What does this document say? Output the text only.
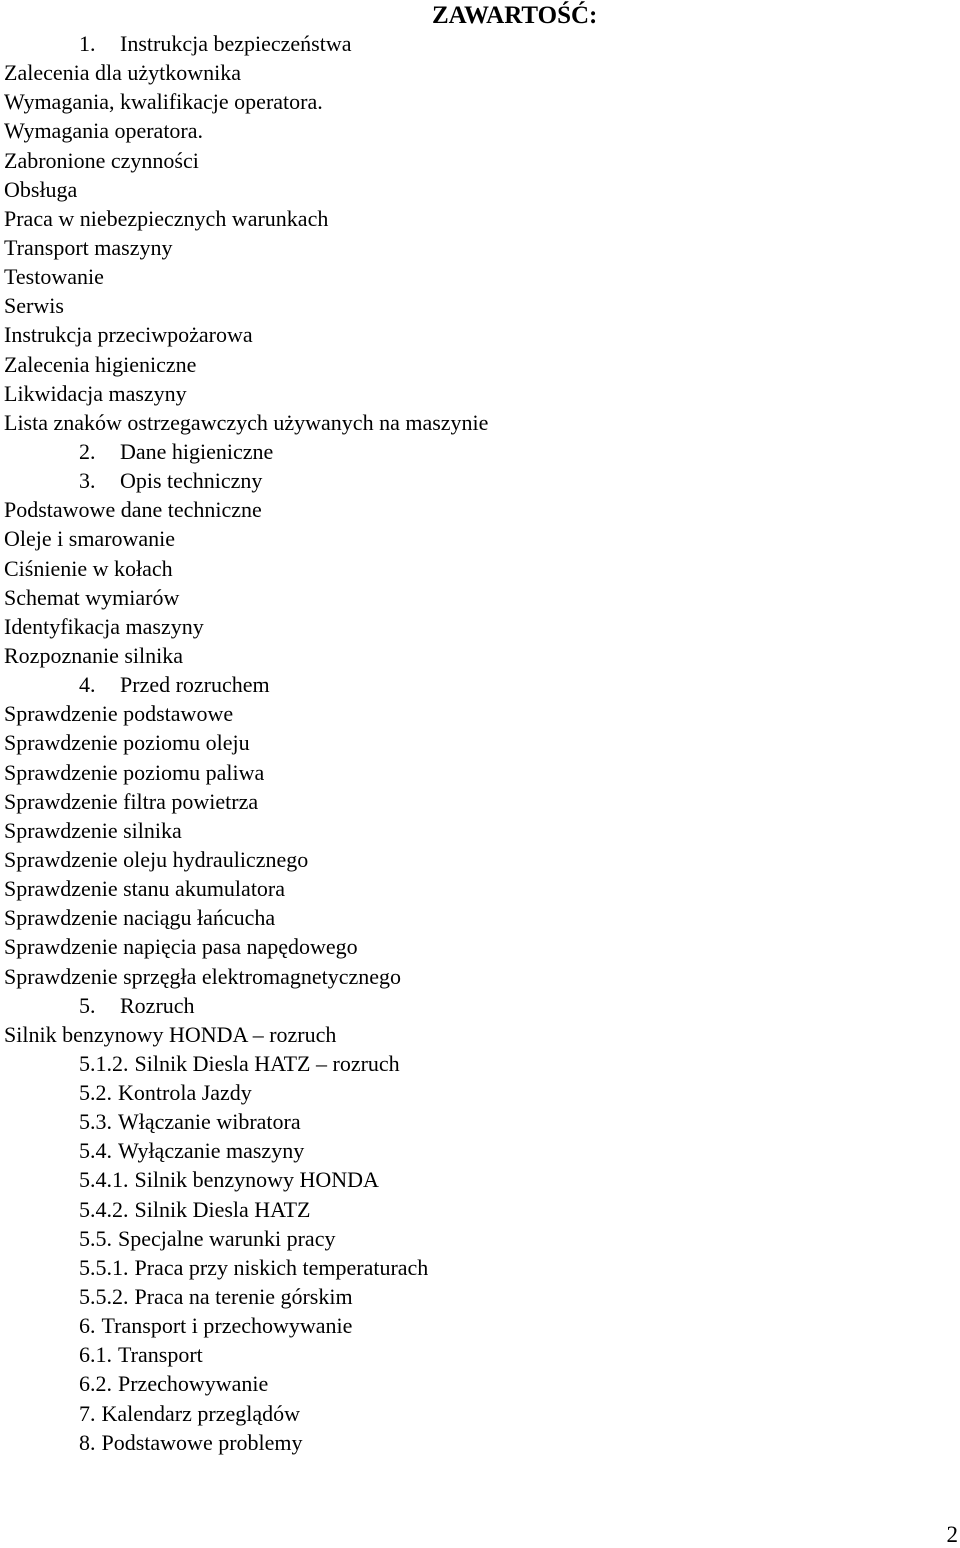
ZAWARTOŚĆ:
1. Instrukcja bezpieczeństwa
Zalecenia dla użytkownika
Wymagania, kwalifikacje operatora.
Wymagania operatora.
Zabronione czynności
Obsługa
Praca w niebezpiecznych warunkach
Transport maszyny
Testowanie
Serwis
Instrukcja przeciwpożarowa
Zalecenia higieniczne
Likwidacja maszyny
Lista znaków ostrzegawczych używanych na maszynie
2. Dane higieniczne
3. Opis techniczny
Podstawowe dane techniczne
Oleje i smarowanie
Ciśnienie w kołach
Schemat wymiarów
Identyfikacja maszyny
Rozpoznanie silnika
4. Przed rozruchem
Sprawdzenie podstawowe
Sprawdzenie poziomu oleju
Sprawdzenie poziomu paliwa
Sprawdzenie filtra powietrza
Sprawdzenie silnika
Sprawdzenie oleju hydraulicznego
Sprawdzenie stanu akumulatora
Sprawdzenie naciągu łańcucha
Sprawdzenie napięcia pasa napędowego
Sprawdzenie sprzęgła elektromagnetycznego
5. Rozruch
Silnik benzynowy HONDA – rozruch
5.1.2. Silnik Diesla HATZ – rozruch
5.2. Kontrola Jazdy
5.3. Włączanie wibratora
5.4. Wyłączanie maszyny
5.4.1. Silnik benzynowy HONDA
5.4.2. Silnik Diesla HATZ
5.5. Specjalne warunki pracy
5.5.1. Praca przy niskich temperaturach
5.5.2. Praca na terenie górskim
6. Transport i przechowywanie
6.1. Transport
6.2. Przechowywanie
7. Kalendarz przeglądów
8. Podstawowe problemy
2
